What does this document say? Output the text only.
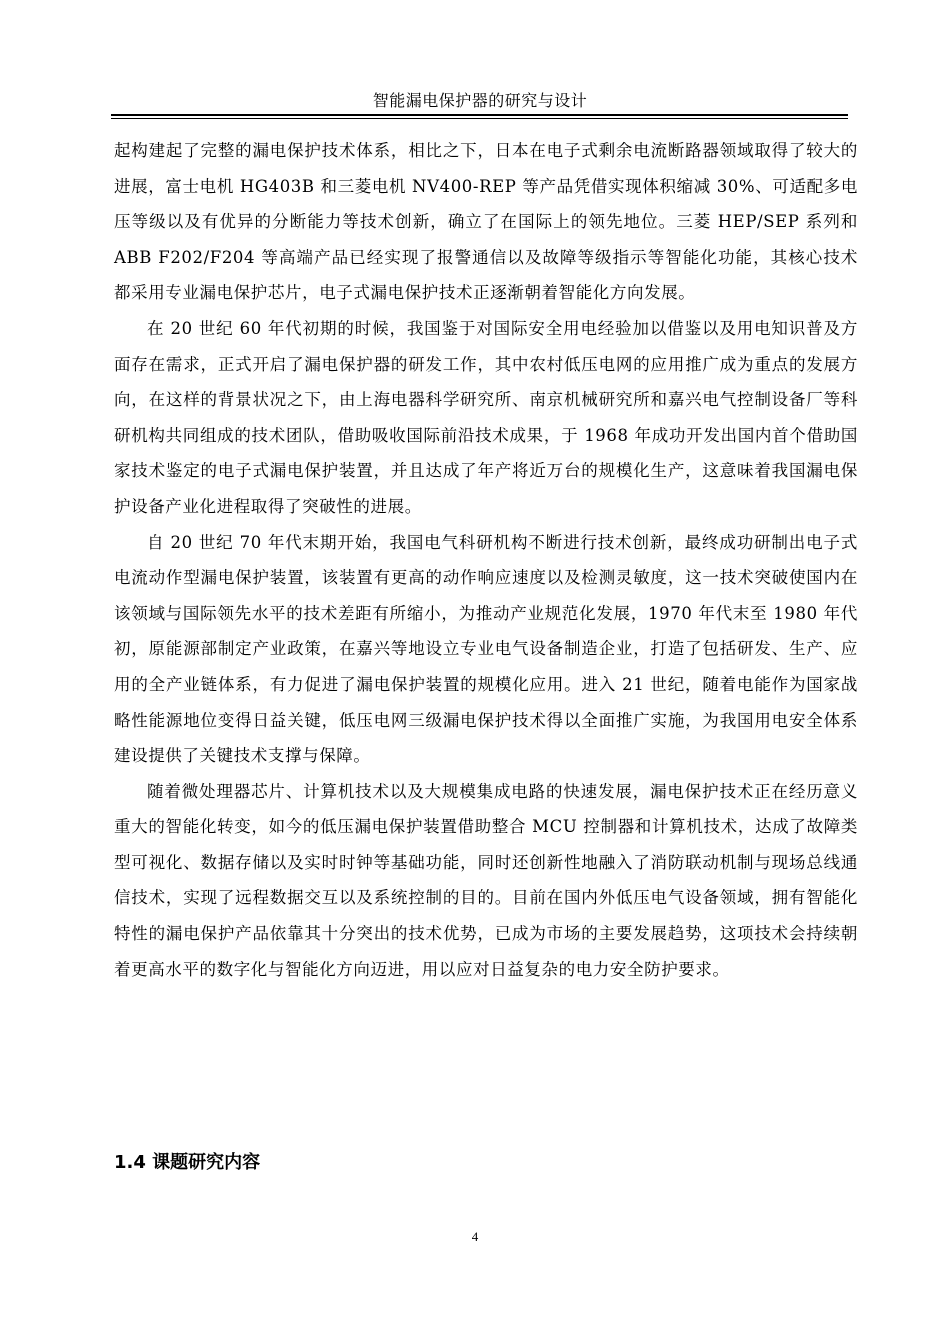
智能漏电保护器的研究与设计

起构建起了完整的漏电保护技术体系，相比之下，日本在电子式剩余电流断路器领域取得了较大的进展，富士电机 HG403B 和三菱电机 NV400-REP 等产品凭借实现体积缩减 30%、可适配多电压等级以及有优异的分断能力等技术创新，确立了在国际上的领先地位。三菱 HEP/SEP 系列和 ABB F202/F204 等高端产品已经实现了报警通信以及故障等级指示等智能化功能，其核心技术都采用专业漏电保护芯片，电子式漏电保护技术正逐渐朝着智能化方向发展。

在 20 世纪 60 年代初期的时候，我国鉴于对国际安全用电经验加以借鉴以及用电知识普及方面存在需求，正式开启了漏电保护器的研发工作，其中农村低压电网的应用推广成为重点的发展方向，在这样的背景状况之下，由上海电器科学研究所、南京机械研究所和嘉兴电气控制设备厂等科研机构共同组成的技术团队，借助吸收国际前沿技术成果，于 1968 年成功开发出国内首个借助国家技术鉴定的电子式漏电保护装置，并且达成了年产将近万台的规模化生产，这意味着我国漏电保护设备产业化进程取得了突破性的进展。

自 20 世纪 70 年代末期开始，我国电气科研机构不断进行技术创新，最终成功研制出电子式电流动作型漏电保护装置，该装置有更高的动作响应速度以及检测灵敏度，这一技术突破使国内在该领域与国际领先水平的技术差距有所缩小，为推动产业规范化发展，1970 年代末至 1980 年代初，原能源部制定产业政策，在嘉兴等地设立专业电气设备制造企业，打造了包括研发、生产、应用的全产业链体系，有力促进了漏电保护装置的规模化应用。进入 21 世纪，随着电能作为国家战略性能源地位变得日益关键，低压电网三级漏电保护技术得以全面推广实施，为我国用电安全体系建设提供了关键技术支撑与保障。

随着微处理器芯片、计算机技术以及大规模集成电路的快速发展，漏电保护技术正在经历意义重大的智能化转变，如今的低压漏电保护装置借助整合 MCU 控制器和计算机技术，达成了故障类型可视化、数据存储以及实时时钟等基础功能，同时还创新性地融入了消防联动机制与现场总线通信技术，实现了远程数据交互以及系统控制的目的。目前在国内外低压电气设备领域，拥有智能化特性的漏电保护产品依靠其十分突出的技术优势，已成为市场的主要发展趋势，这项技术会持续朝着更高水平的数字化与智能化方向迈进，用以应对日益复杂的电力安全防护要求。

1.4 课题研究内容
4
